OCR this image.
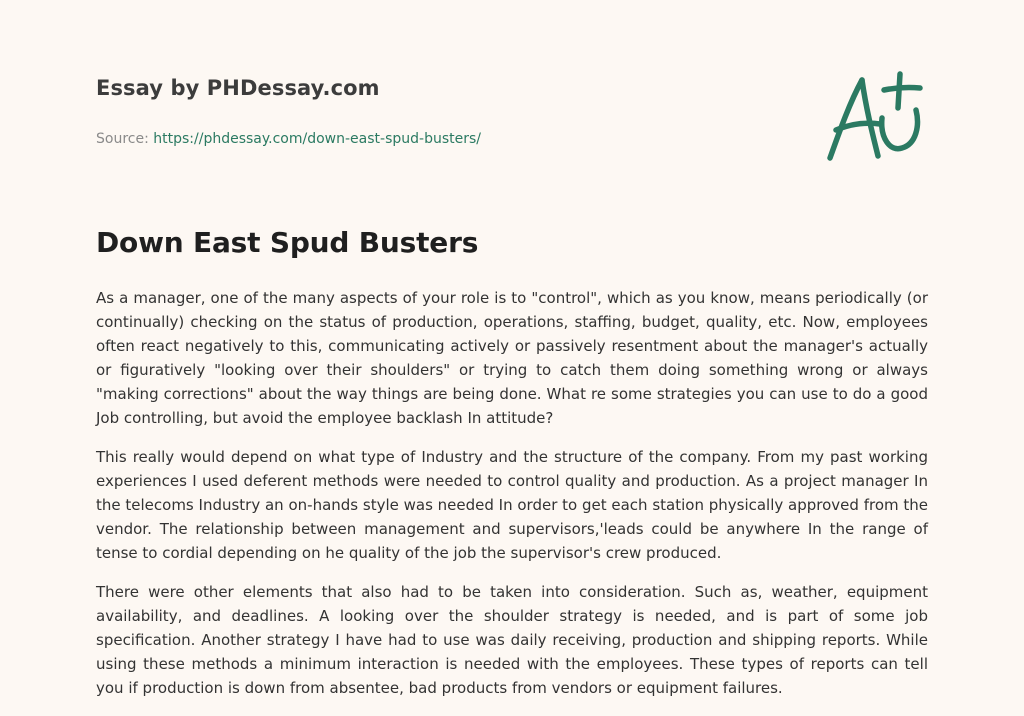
Essay by PHDessay.com
Source: https://phdessay.com/down-east-spud-busters/
Down East Spud Busters

As a manager, one of the many aspects of your role is to "control", which as you know, means periodically (or continually) checking on the status of production, operations, staffing, budget, quality, etc. Now, employees often react negatively to this, communicating actively or passively resentment about the manager's actually or figuratively "looking over their shoulders" or trying to catch them doing something wrong or always "making corrections" about the way things are being done. What re some strategies you can use to do a good Job controlling, but avoid the employee backlash In attitude?

This really would depend on what type of Industry and the structure of the company. From my past working experiences I used deferent methods were needed to control quality and production. As a project manager In the telecoms Industry an on-hands style was needed In order to get each station physically approved from the vendor. The relationship between management and supervisors,'leads could be anywhere In the range of tense to cordial depending on he quality of the job the supervisor's crew produced.

There were other elements that also had to be taken into consideration. Such as, weather, equipment availability, and deadlines. A looking over the shoulder strategy is needed, and is part of some job specification. Another strategy I have had to use was daily receiving, production and shipping reports. While using these methods a minimum interaction is needed with the employees. These types of reports can tell you if production is down from absentee, bad products from vendors or equipment failures.
